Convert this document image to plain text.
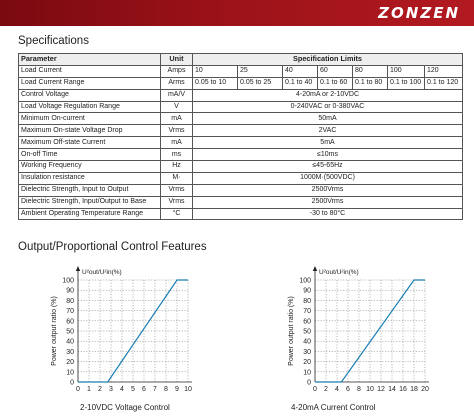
ZONZEN
Specifications
Parameter	Unit	Specification Limits						
Load Current	Amps	10	25	40	60	80	100	120
Load Current Range	Arms	0.05 to 10	0.05 to 25	0.1 to 40	0.1 to 60	0.1 to 80	0.1 to 100	0.1 to 120
Control Voltage	mA/V	4-20mA or 2-10VDC						
Load Voltage Regulation Range	V	0-240VAC or 0-380VAC						
Minimum On-current	mA	50mA						
Maximum On-state Voltage Drop	Vrms	2VAC						
Maximum Off-state Current	mA	5mA						
On-off Time	ms	≤10ms						
Working Frequency	Hz	≤45-65Hz						
Insulation resistance	M·	1000M·(500VDC)						
Dielectric Strength, Input to Output	Vrms	2500Vrms						
Dielectric Strength, Input/Output to Base	Vrms	2500Vrms						
Ambient Operating Temperature Range	°C	-30 to 80°C						
Output/Proportional Control Features
0 1 2 3 4 5 6 7 8 9 10
0
10
20
30
40
50
60
70
80
90
100
U²out/U²in(%)
Power output ratio (%)
2-10VDC Voltage Control
0 2 4 6 8 10 12 14 16 18 20
0
10
20
30
40
50
60
70
80
90
100
U²out/U²in(%)
Power output ratio (%)
4-20mA Current Control
